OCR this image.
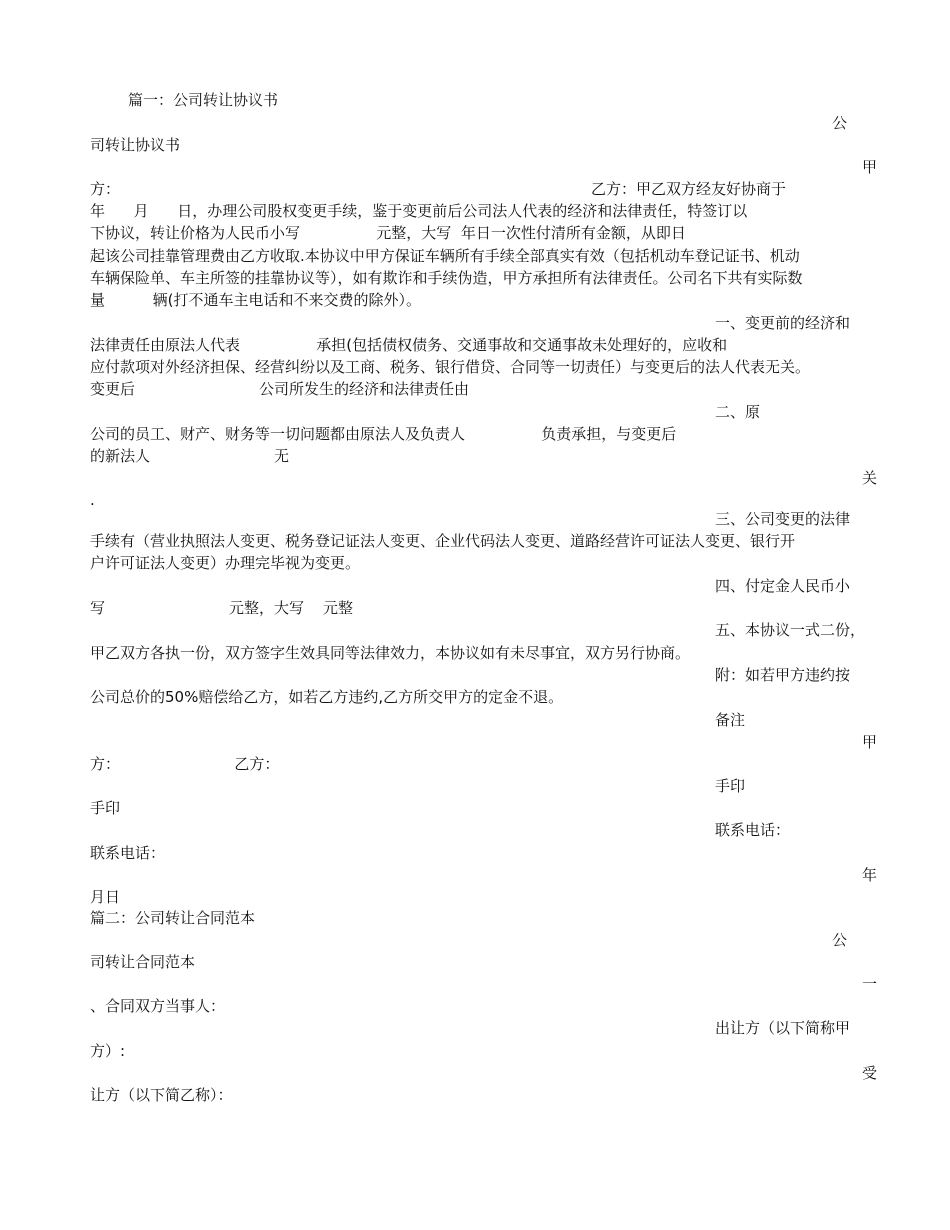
篇一：公司转让协议书

公

司转让协议书

甲

方：	乙方：甲乙双方经友好协商于

年      月      日，办理公司股权变更手续，鉴于变更前后公司法人代表的经济和法律责任，特签订以

下协议，转让价格为人民币小写                元整，大写  年日一次性付清所有金额，从即日

起该公司挂靠管理费由乙方收取.本协议中甲方保证车辆所有手续全部真实有效（包括机动车登记证书、机动

车辆保险单、车主所签的挂靠协议等），如有欺诈和手续伪造，甲方承担所有法律责任。公司名下共有实际数

量          辆(打不通车主电话和不来交费的除外）。

一、变更前的经济和

法律责任由原法人代表                承担(包括债权债务、交通事故和交通事故未处理好的，应收和

应付款项对外经济担保、经营纠纷以及工商、税务、银行借贷、合同等一切责任）与变更后的法人代表无关。

变更后                          公司所发生的经济和法律责任由

二、原

公司的员工、财产、财务等一切问题都由原法人及负责人                负责承担，与变更后

的新法人                          无

关

.

三、公司变更的法律

手续有（营业执照法人变更、税务登记证法人变更、企业代码法人变更、道路经营许可证法人变更、银行开

户许可证法人变更）办理完毕视为变更。

四、付定金人民币小

写                          元整，大写    元整

五、本协议一式二份，

甲乙双方各执一份，双方签字生效具同等法律效力，本协议如有未尽事宜，双方另行协商。

附：如若甲方违约按

公司总价的50%赔偿给乙方，如若乙方违约,乙方所交甲方的定金不退。

备注

甲

方：                        乙方：

手印

手印

联系电话：

联系电话：

年

月日

篇二：公司转让合同范本

公

司转让合同范本

一

、合同双方当事人：

出让方（以下简称甲

方）:

受

让方（以下简乙称）：
